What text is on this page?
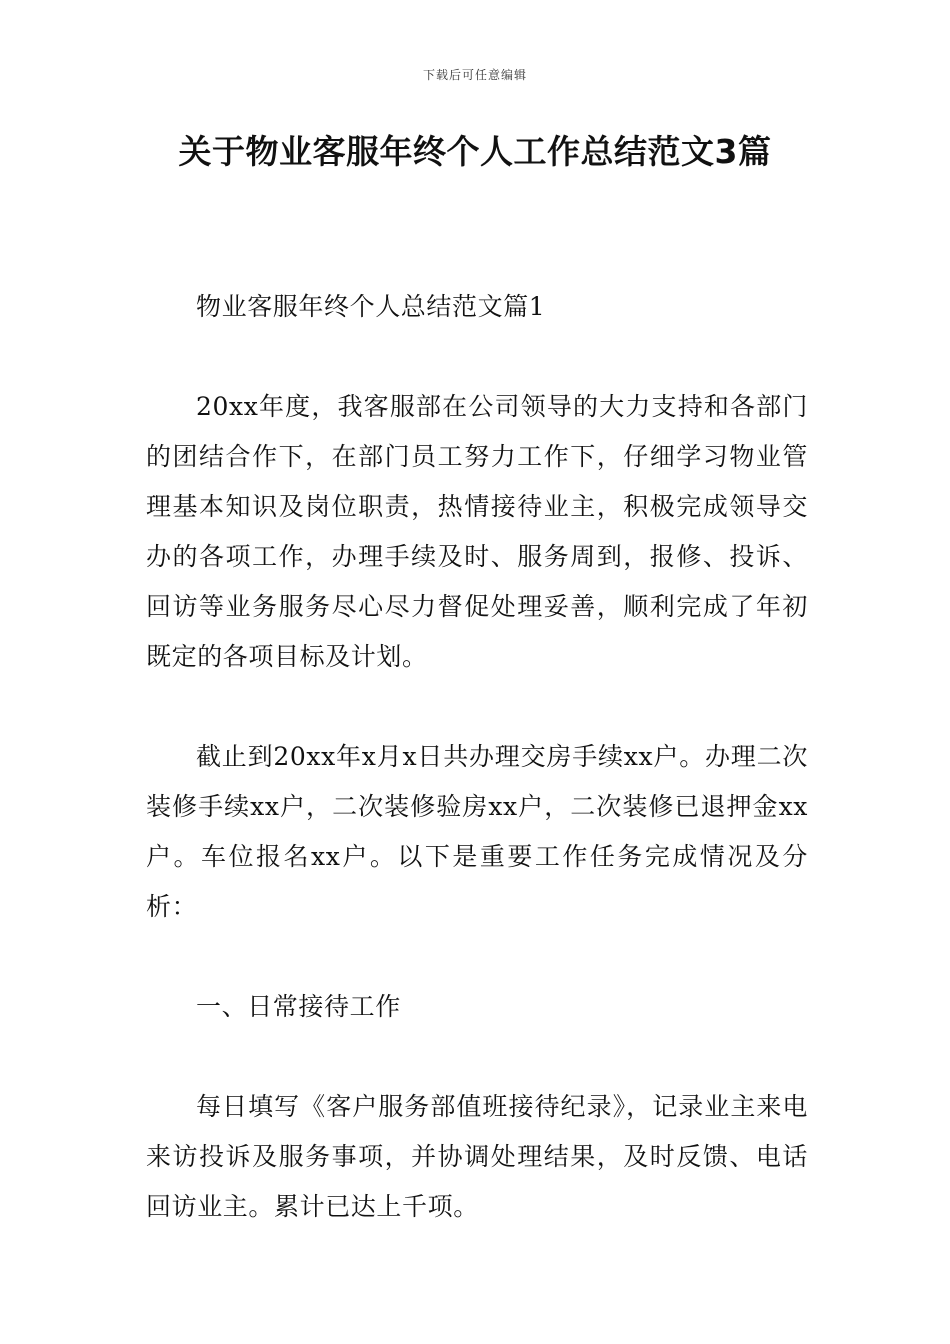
下载后可任意编辑
关于物业客服年终个人工作总结范文3篇

物业客服年终个人总结范文篇1

20xx年度，我客服部在公司领导的大力支持和各部门的团结合作下，在部门员工努力工作下，仔细学习物业管理基本知识及岗位职责，热情接待业主，积极完成领导交办的各项工作，办理手续及时、服务周到，报修、投诉、回访等业务服务尽心尽力督促处理妥善，顺利完成了年初既定的各项目标及计划。

截止到20xx年x月x日共办理交房手续xx户。办理二次装修手续xx户，二次装修验房xx户，二次装修已退押金xx户。车位报名xx户。以下是重要工作任务完成情况及分析：

一、日常接待工作

每日填写《客户服务部值班接待纪录》，记录业主来电来访投诉及服务事项，并协调处理结果，及时反馈、电话回访业主。累计已达上千项。
